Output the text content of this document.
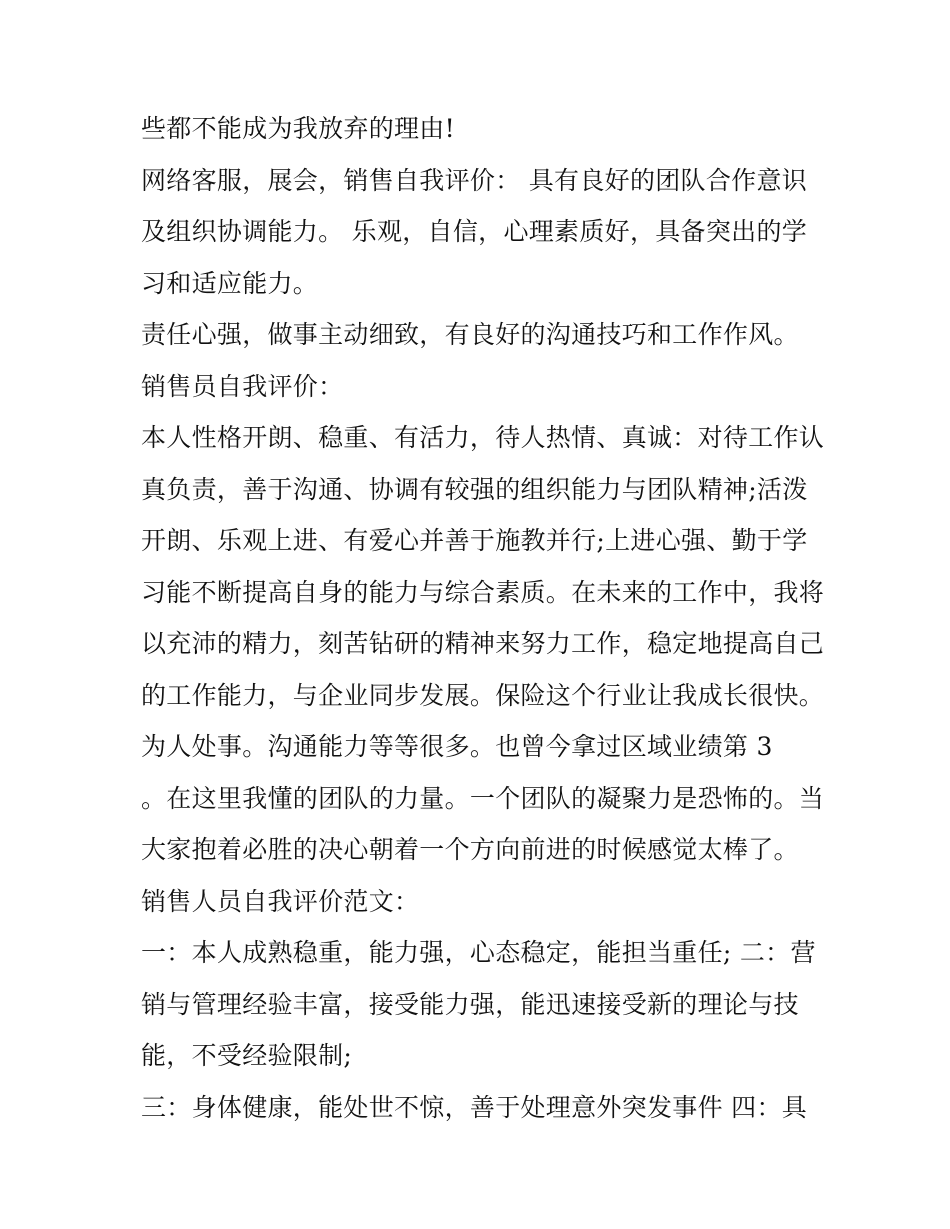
些都不能成为我放弃的理由!
网络客服，展会，销售自我评价： 具有良好的团队合作意识
及组织协调能力。 乐观，自信，心理素质好，具备突出的学
习和适应能力。
责任心强，做事主动细致，有良好的沟通技巧和工作作风。
销售员自我评价：
本人性格开朗、稳重、有活力，待人热情、真诚：对待工作认
真负责，善于沟通、协调有较强的组织能力与团队精神;活泼
开朗、乐观上进、有爱心并善于施教并行;上进心强、勤于学
习能不断提高自身的能力与综合素质。在未来的工作中，我将
以充沛的精力，刻苦钻研的精神来努力工作，稳定地提高自己
的工作能力，与企业同步发展。保险这个行业让我成长很快。
为人处事。沟通能力等等很多。也曾今拿过区域业绩第 3
。在这里我懂的团队的力量。一个团队的凝聚力是恐怖的。当
大家抱着必胜的决心朝着一个方向前进的时候感觉太棒了。
销售人员自我评价范文：
一：本人成熟稳重，能力强，心态稳定，能担当重任; 二：营
销与管理经验丰富，接受能力强，能迅速接受新的理论与技
能，不受经验限制;
三：身体健康，能处世不惊，善于处理意外突发事件 四：具
